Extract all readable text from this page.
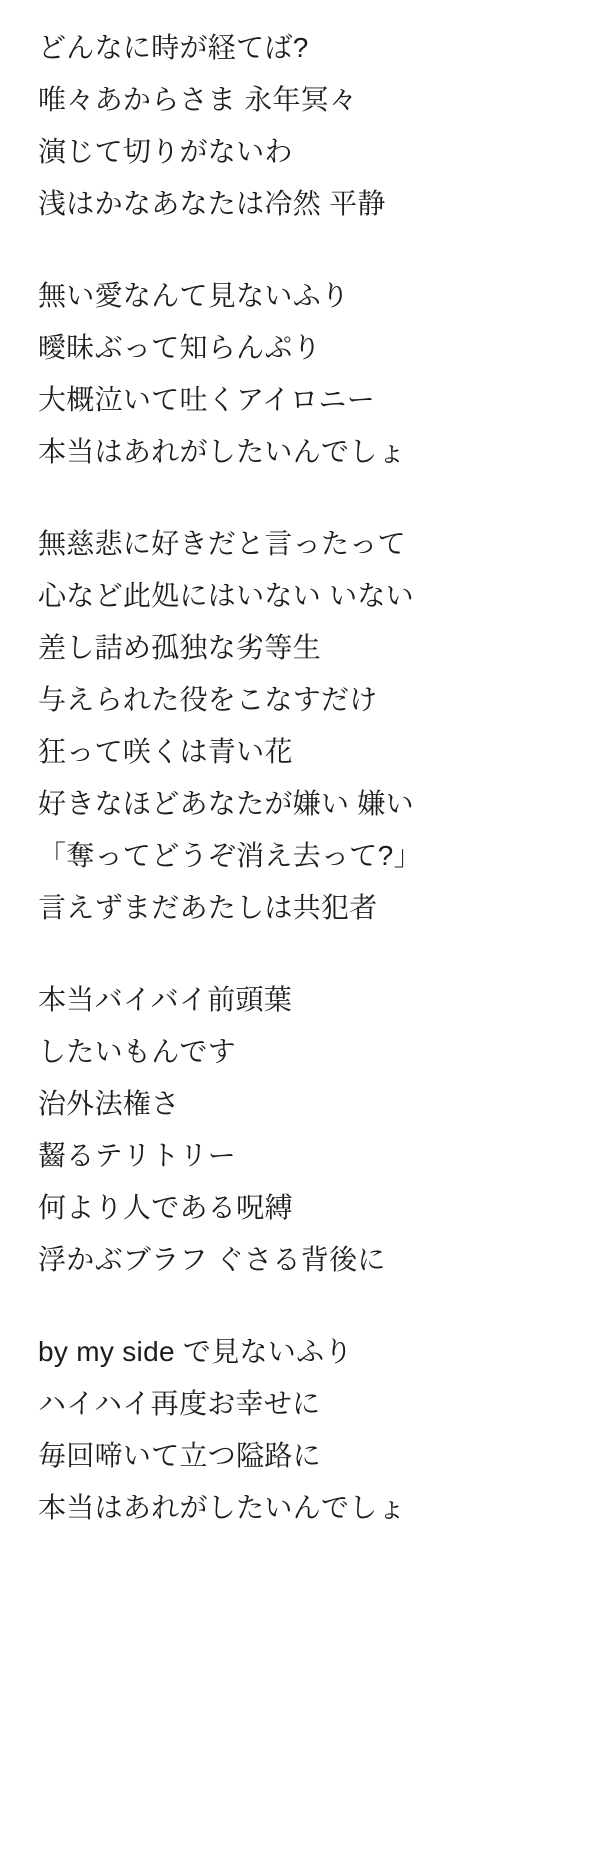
どんなに時が経てば?
唯々あからさま 永年冥々
演じて切りがないわ
浅はかなあなたは冷然 平静
無い愛なんて見ないふり
曖昧ぶって知らんぷり
大概泣いて吐くアイロニー
本当はあれがしたいんでしょ
無慈悲に好きだと言ったって
心など此処にはいない いない
差し詰め孤独な劣等生
与えられた役をこなすだけ
狂って咲くは青い花
好きなほどあなたが嫌い 嫌い
「奪ってどうぞ消え去って?」
言えずまだあたしは共犯者
本当バイバイ前頭葉
したいもんです
治外法権さ
齧るテリトリー
何より人である呪縛
浮かぶブラフ ぐさる背後に
by my side で見ないふり
ハイハイ再度お幸せに
毎回啼いて立つ隘路に
本当はあれがしたいんでしょ
